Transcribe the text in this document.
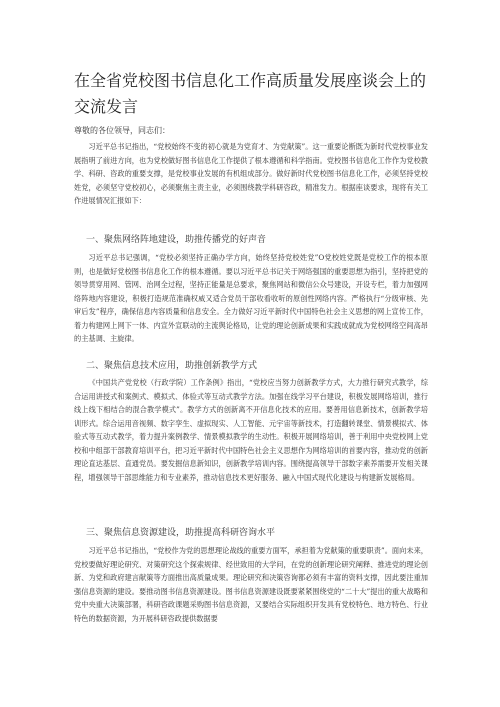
在全省党校图书信息化工作高质量发展座谈会上的交流发言
尊敬的各位领导，同志们：

习近平总书记指出，“党校始终不变的初心就是为党育才、为党献策”。这一重要论断既为新时代党校事业发展指明了前进方向，也为党校做好图书信息化工作提供了根本遵循和科学指南。党校图书信息化工作作为党校教学、科研、咨政的重要支撑，是党校事业发展的有机组成部分。做好新时代党校图书信息化工作，必须坚持党校姓党，必须坚守党校初心，必须聚焦主责主业，必须围绕教学科研咨政，精准发力。根据座谈要求，现将有关工作进展情况汇报如下：

一、聚焦网络阵地建设，助推传播党的好声音

习近平总书记强调，“党校必须坚持正确办学方向，始终坚持党校姓党”O党校姓党既是党校工作的根本原则，也是做好党校图书信息化工作的根本遵循。要以习近平总书记关于网络强国的重要思想为指引，坚持把党的领导贯穿用网、管网、治网全过程，坚持正能量是总要求，聚焦网站和微信公众号建设，开设专栏，着力加强网络阵地内容建设，积极打造规范准确权威又适合党员干部收看收听的原创性网络内容。严格执行“分级审核、先审后发”程序，确保信息内容质量和信息安全。全力做好习近平新时代中国特色社会主义思想的网上宣传工作，着力构建网上网下一体、内宣外宣联动的主流舆论格局，让党的理论创新成果和实践成就成为党校网络空间高昂的主基调、主旋律。

二、聚焦信息技术应用，助推创新教学方式

《中国共产党党校（行政学院）工作条例》指出，“党校应当努力创新教学方式，大力推行研究式教学，综合运用讲授式和案例式、模拟式、体验式等互动式教学方法。加强在线学习平台建设，积极发展网络培训，推行线上线下相结合的混合教学模式”。教学方式的创新离不开信息化技术的应用。要善用信息新技术，创新教学培训形式。综合运用音视频、数字孪生、虚拟现实、人工智能、元宇宙等新技术，打造翻转课堂、情景模拟式、体验式等互动式教学，着力提升案例教学、情景模拟教学的生动性。积极开展网络培训，善于利用中央党校网上党校和中组部干部教育培训平台，把习近平新时代中国特色社会主义思想作为网络培训的首要内容，推动党的创新理论直达基层、直通党员。要发掘信息新知识，创新教学培训内容。围绕提高领导干部数字素养需要开发相关课程，增强领导干部思维能力和专业素养，推动信息技术更好服务、融入中国式现代化建设与构建新发展格局。

三、聚焦信息资源建设，助推提高科研咨询水平

习近平总书记指出，“党校作为党的思想理论战线的重要方面军，承担着为党献策的重要职责”。面向未来，党校要做好理论研究、对策研究这个探索规律、经世致用的大学问，在党的创新理论研究阐释、推进党的理论创新、为党和政府建言献策等方面推出高质量成果。理论研究和决策咨询都必须有丰富的资料支撑，因此要注重加强信息资源的建设。要推动图书信息资源建设。图书信息资源建设既要紧紧围绕党的“二十大”提出的重大战略和党中央重大决策部署，科研咨政课题采购图书信息资源，又要结合实际组织开发具有党校特色、地方特色、行业特色的数据资源，为开展科研咨政提供数据要
